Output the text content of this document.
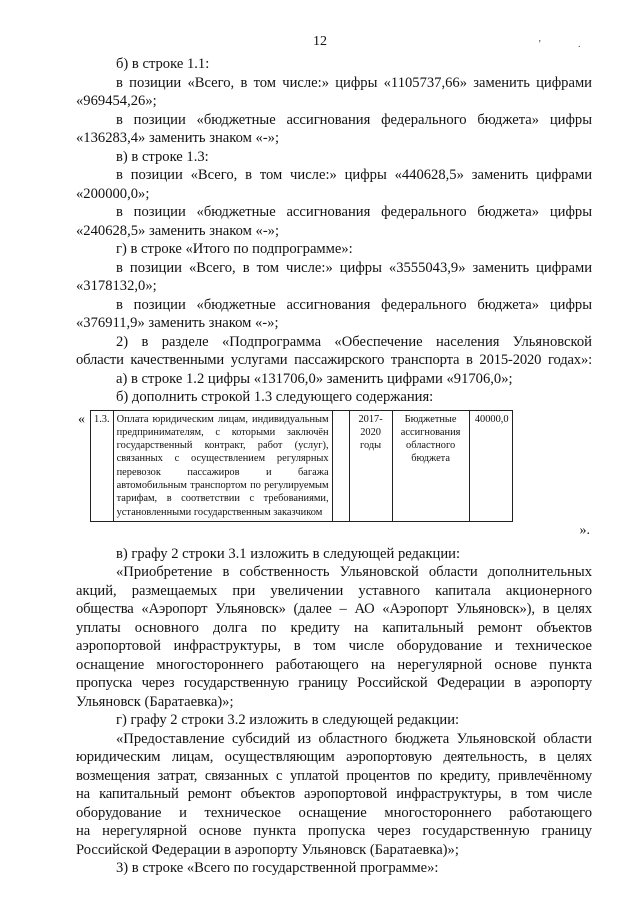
12	ʼ	.
б) в строке 1.1:
в позиции «Всего, в том числе:» цифры «1105737,66» заменить цифрами
«969454,26»;
в позиции «бюджетные ассигнования федерального бюджета» цифры
«136283,4» заменить знаком «-»;
в) в строке 1.3:
в позиции «Всего, в том числе:» цифры «440628,5» заменить цифрами
«200000,0»;
в позиции «бюджетные ассигнования федерального бюджета» цифры
«240628,5» заменить знаком «-»;
г) в строке «Итого по подпрограмме»:
в позиции «Всего, в том числе:» цифры «3555043,9» заменить цифрами
«3178132,0»;
в позиции «бюджетные ассигнования федерального бюджета» цифры
«376911,9» заменить знаком «-»;
2) в разделе «Подпрограмма «Обеспечение населения Ульяновской
области качественными услугами пассажирского транспорта в 2015-2020 годах»:
а) в строке 1.2 цифры «131706,0» заменить цифрами «91706,0»;
б) дополнить строкой 1.3 следующего содержания:
« 1.3.	Оплата юридическим лицам, индивидуальным предпринимателям, с которыми заключён государственный контракт, работ (услуг), связанных с осуществлением регулярных перевозок пассажиров и багажа автомобильным транспортом по регулируемым тарифам, в соответствии с требованиями, установленными государственным заказчиком		2017-
2020
годы	Бюджетные ассигнования областного бюджета	40000,0
».
в) графу 2 строки 3.1 изложить в следующей редакции:
«Приобретение в собственность Ульяновской области дополнительных
акций, размещаемых при увеличении уставного капитала акционерного
общества «Аэропорт Ульяновск» (далее – АО «Аэропорт Ульяновск»), в целях
уплаты основного долга по кредиту на капитальный ремонт объектов
аэропортовой инфраструктуры, в том числе оборудование и техническое
оснащение многостороннего работающего на нерегулярной основе пункта
пропуска через государственную границу Российской Федерации в аэропорту
Ульяновск (Баратаевка)»;
г) графу 2 строки 3.2 изложить в следующей редакции:
«Предоставление субсидий из областного бюджета Ульяновской области
юридическим лицам, осуществляющим аэропортовую деятельность, в целях
возмещения затрат, связанных с уплатой процентов по кредиту, привлечённому
на капитальный ремонт объектов аэропортовой инфраструктуры, в том числе
оборудование и техническое оснащение многостороннего работающего
на нерегулярной основе пункта пропуска через государственную границу
Российской Федерации в аэропорту Ульяновск (Баратаевка)»;
3) в строке «Всего по государственной программе»:
